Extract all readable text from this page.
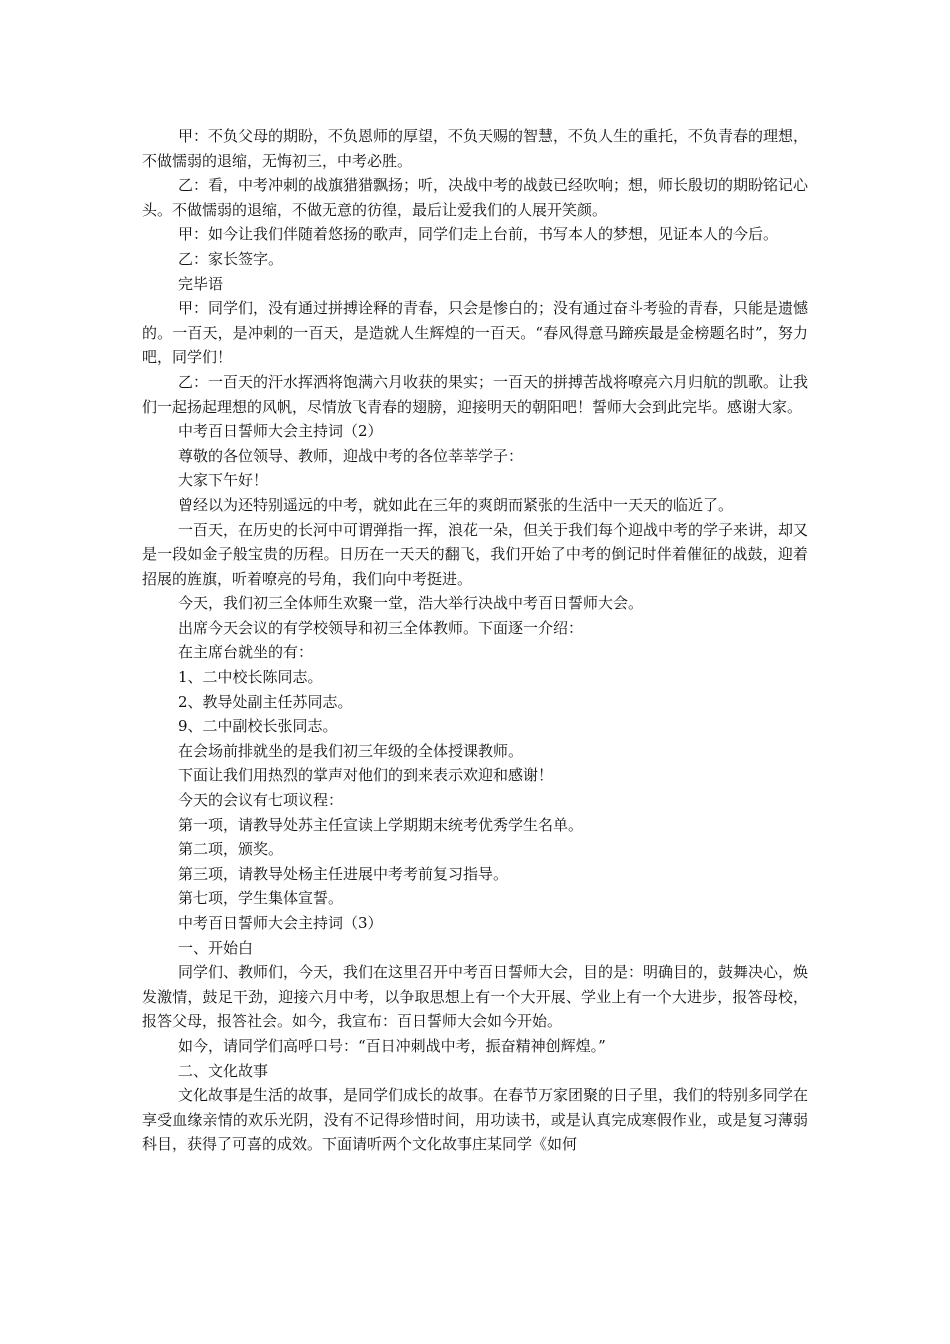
甲：不负父母的期盼，不负恩师的厚望，不负天赐的智慧，不负人生的重托，不负青春的理想，不做懦弱的退缩，无悔初三，中考必胜。

乙：看，中考冲刺的战旗猎猎飘扬；听，决战中考的战鼓已经吹响；想，师长殷切的期盼铭记心头。不做懦弱的退缩，不做无意的彷徨，最后让爱我们的人展开笑颜。

甲：如今让我们伴随着悠扬的歌声，同学们走上台前，书写本人的梦想，见证本人的今后。

乙：家长签字。

完毕语

甲：同学们，没有通过拼搏诠释的青春，只会是惨白的；没有通过奋斗考验的青春，只能是遗憾的。一百天，是冲刺的一百天，是造就人生辉煌的一百天。“春风得意马蹄疾最是金榜题名时”，努力吧，同学们！

乙：一百天的汗水挥洒将饱满六月收获的果实；一百天的拼搏苦战将嘹亮六月归航的凯歌。让我们一起扬起理想的风帆，尽情放飞青春的翅膀，迎接明天的朝阳吧！誓师大会到此完毕。感谢大家。

中考百日誓师大会主持词（2）

尊敬的各位领导、教师，迎战中考的各位莘莘学子：

大家下午好！

曾经以为还特别遥远的中考，就如此在三年的爽朗而紧张的生活中一天天的临近了。

一百天，在历史的长河中可谓弹指一挥，浪花一朵，但关于我们每个迎战中考的学子来讲，却又是一段如金子般宝贵的历程。日历在一天天的翻飞，我们开始了中考的倒记时伴着催征的战鼓，迎着招展的旌旗，听着嘹亮的号角，我们向中考挺进。

今天，我们初三全体师生欢聚一堂，浩大举行决战中考百日誓师大会。

出席今天会议的有学校领导和初三全体教师。下面逐一介绍：

在主席台就坐的有：

1、二中校长陈同志。

2、教导处副主任苏同志。

9、二中副校长张同志。

在会场前排就坐的是我们初三年级的全体授课教师。

下面让我们用热烈的掌声对他们的到来表示欢迎和感谢！

今天的会议有七项议程：

第一项，请教导处苏主任宣读上学期期末统考优秀学生名单。

第二项，颁奖。

第三项，请教导处杨主任进展中考考前复习指导。

第七项，学生集体宣誓。

中考百日誓师大会主持词（3）

一、开始白

同学们、教师们，今天，我们在这里召开中考百日誓师大会，目的是：明确目的，鼓舞决心，焕发激情，鼓足干劲，迎接六月中考，以争取思想上有一个大开展、学业上有一个大进步，报答母校，报答父母，报答社会。如今，我宣布：百日誓师大会如今开始。

如今，请同学们高呼口号：“百日冲刺战中考，振奋精神创辉煌。”

二、文化故事

文化故事是生活的故事，是同学们成长的故事。在春节万家团聚的日子里，我们的特别多同学在享受血缘亲情的欢乐光阴，没有不记得珍惜时间，用功读书，或是认真完成寒假作业，或是复习薄弱科目，获得了可喜的成效。下面请听两个文化故事庄某同学《如何
